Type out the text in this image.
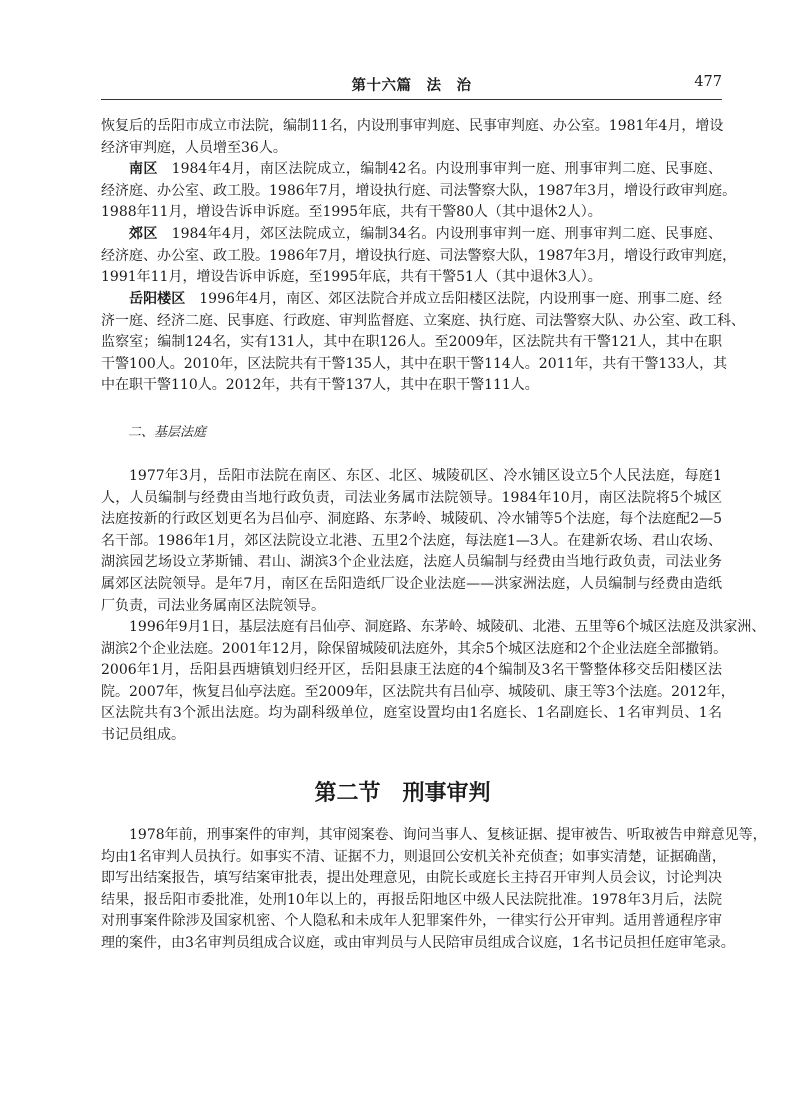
第十六篇　法　治	477
恢复后的岳阳市成立市法院，编制11名，内设刑事审判庭、民事审判庭、办公室。1981年4月，增设
经济审判庭，人员增至36人。
南区 1984年4月，南区法院成立，编制42名。内设刑事审判一庭、刑事审判二庭、民事庭、
经济庭、办公室、政工股。1986年7月，增设执行庭、司法警察大队，1987年3月，增设行政审判庭。
1988年11月，增设告诉申诉庭。至1995年底，共有干警80人（其中退休2人）。
郊区 1984年4月，郊区法院成立，编制34名。内设刑事审判一庭、刑事审判二庭、民事庭、
经济庭、办公室、政工股。1986年7月，增设执行庭、司法警察大队，1987年3月，增设行政审判庭，
1991年11月，增设告诉申诉庭，至1995年底，共有干警51人（其中退休3人）。
岳阳楼区 1996年4月，南区、郊区法院合并成立岳阳楼区法院，内设刑事一庭、刑事二庭、经
济一庭、经济二庭、民事庭、行政庭、审判监督庭、立案庭、执行庭、司法警察大队、办公室、政工科、
监察室；编制124名，实有131人，其中在职126人。至2009年，区法院共有干警121人，其中在职
干警100人。2010年，区法院共有干警135人，其中在职干警114人。2011年，共有干警133人，其
中在职干警110人。2012年，共有干警137人，其中在职干警111人。
二、基层法庭
1977年3月，岳阳市法院在南区、东区、北区、城陵矶区、冷水铺区设立5个人民法庭，每庭1
人，人员编制与经费由当地行政负责，司法业务属市法院领导。1984年10月，南区法院将5个城区
法庭按新的行政区划更名为吕仙亭、洞庭路、东茅岭、城陵矶、冷水铺等5个法庭，每个法庭配2—5
名干部。1986年1月，郊区法院设立北港、五里2个法庭，每法庭1—3人。在建新农场、君山农场、
湖滨园艺场设立茅斯铺、君山、湖滨3个企业法庭，法庭人员编制与经费由当地行政负责，司法业务
属郊区法院领导。是年7月，南区在岳阳造纸厂设企业法庭——洪家洲法庭，人员编制与经费由造纸
厂负责，司法业务属南区法院领导。
1996年9月1日，基层法庭有吕仙亭、洞庭路、东茅岭、城陵矶、北港、五里等6个城区法庭及洪家洲、
湖滨2个企业法庭。2001年12月，除保留城陵矶法庭外，其余5个城区法庭和2个企业法庭全部撤销。
2006年1月，岳阳县西塘镇划归经开区，岳阳县康王法庭的4个编制及3名干警整体移交岳阳楼区法
院。2007年，恢复吕仙亭法庭。至2009年，区法院共有吕仙亭、城陵矶、康王等3个法庭。2012年，
区法院共有3个派出法庭。均为副科级单位，庭室设置均由1名庭长、1名副庭长、1名审判员、1名
书记员组成。
第二节　刑事审判
1978年前，刑事案件的审判，其审阅案卷、询问当事人、复核证据、提审被告、听取被告申辩意见等，
均由1名审判人员执行。如事实不清、证据不力，则退回公安机关补充侦查；如事实清楚，证据确凿，
即写出结案报告，填写结案审批表，提出处理意见，由院长或庭长主持召开审判人员会议，讨论判决
结果，报岳阳市委批准，处刑10年以上的，再报岳阳地区中级人民法院批准。1978年3月后，法院
对刑事案件除涉及国家机密、个人隐私和未成年人犯罪案件外，一律实行公开审判。适用普通程序审
理的案件，由3名审判员组成合议庭，或由审判员与人民陪审员组成合议庭，1名书记员担任庭审笔录。
